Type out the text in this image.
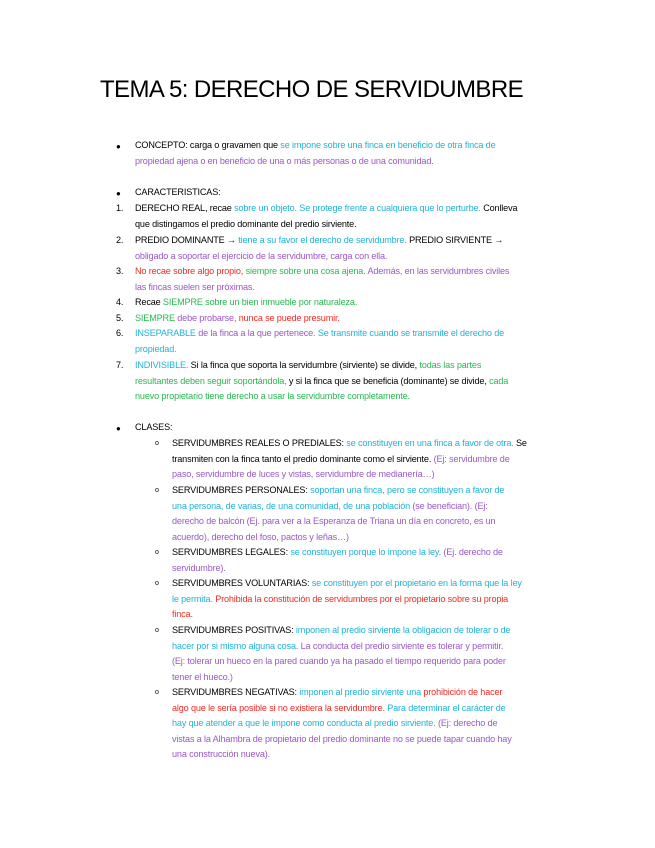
TEMA 5: DERECHO DE SERVIDUMBRE
● CONCEPTO: carga o gravamen que se impone sobre una finca en beneficio de otra finca de
propiedad ajena o en beneficio de una o más personas o de una comunidad.
● CARACTERISTICAS:
1. DERECHO REAL, recae sobre un objeto. Se protege frente a cualquiera que lo perturbe. Conlleva
que distingamos el predio dominante del predio sirviente.
2. PREDIO DOMINANTE → tiene a su favor el derecho de servidumbre. PREDIO SIRVIENTE →
obligado a soportar el ejercicio de la servidumbre, carga con ella.
3. No recae sobre algo propio, siempre sobre una cosa ajena. Además, en las servidumbres civiles
las fincas suelen ser próximas.
4. Recae SIEMPRE sobre un bien inmueble por naturaleza.
5. SIEMPRE debe probarse, nunca se puede presumir.
6. INSEPARABLE de la finca a la que pertenece. Se transmite cuando se transmite el derecho de
propiedad.
7. INDIVISIBLE. Si la finca que soporta la servidumbre (sirviente) se divide, todas las partes
resultantes deben seguir soportándola, y si la finca que se beneficia (dominante) se divide, cada
nuevo propietario tiene derecho a usar la servidumbre completamente.
● CLASES:
o SERVIDUMBRES REALES O PREDIALES: se constituyen en una finca a favor de otra. Se
transmiten con la finca tanto el predio dominante como el sirviente. (Ej: servidumbre de
paso, servidumbre de luces y vistas, servidumbre de medianería…)
o SERVIDUMBRES PERSONALES: soportan una finca, pero se constituyen a favor de
una persona, de varias, de una comunidad, de una población (se benefician). (Ej:
derecho de balcón (Ej. para ver a la Esperanza de Triana un día en concreto, es un
acuerdo), derecho del foso, pactos y leñas…)
o SERVIDUMBRES LEGALES: se constituyen porque lo impone la ley. (Ej. derecho de
servidumbre).
o SERVIDUMBRES VOLUNTARIAS: se constituyen por el propietario en la forma que la ley
le permita. Prohibida la constitución de servidumbres por el propietario sobre su propia
finca.
o SERVIDUMBRES POSITIVAS: imponen al predio sirviente la obligacion de tolerar o de
hacer por si mismo alguna cosa. La conducta del predio sirviente es tolerar y permitir.
(Ej: tolerar un hueco en la pared cuando ya ha pasado el tiempo requerido para poder
tener el hueco.)
o SERVIDUMBRES NEGATIVAS: imponen al predio sirviente una prohibición de hacer
algo que le sería posible si no existiera la servidumbre. Para determinar el carácter de
hay que atender a que le impone como conducta al predio sirviente. (Ej: derecho de
vistas a la Alhambra de propietario del predio dominante no se puede tapar cuando hay
una construcción nueva).
